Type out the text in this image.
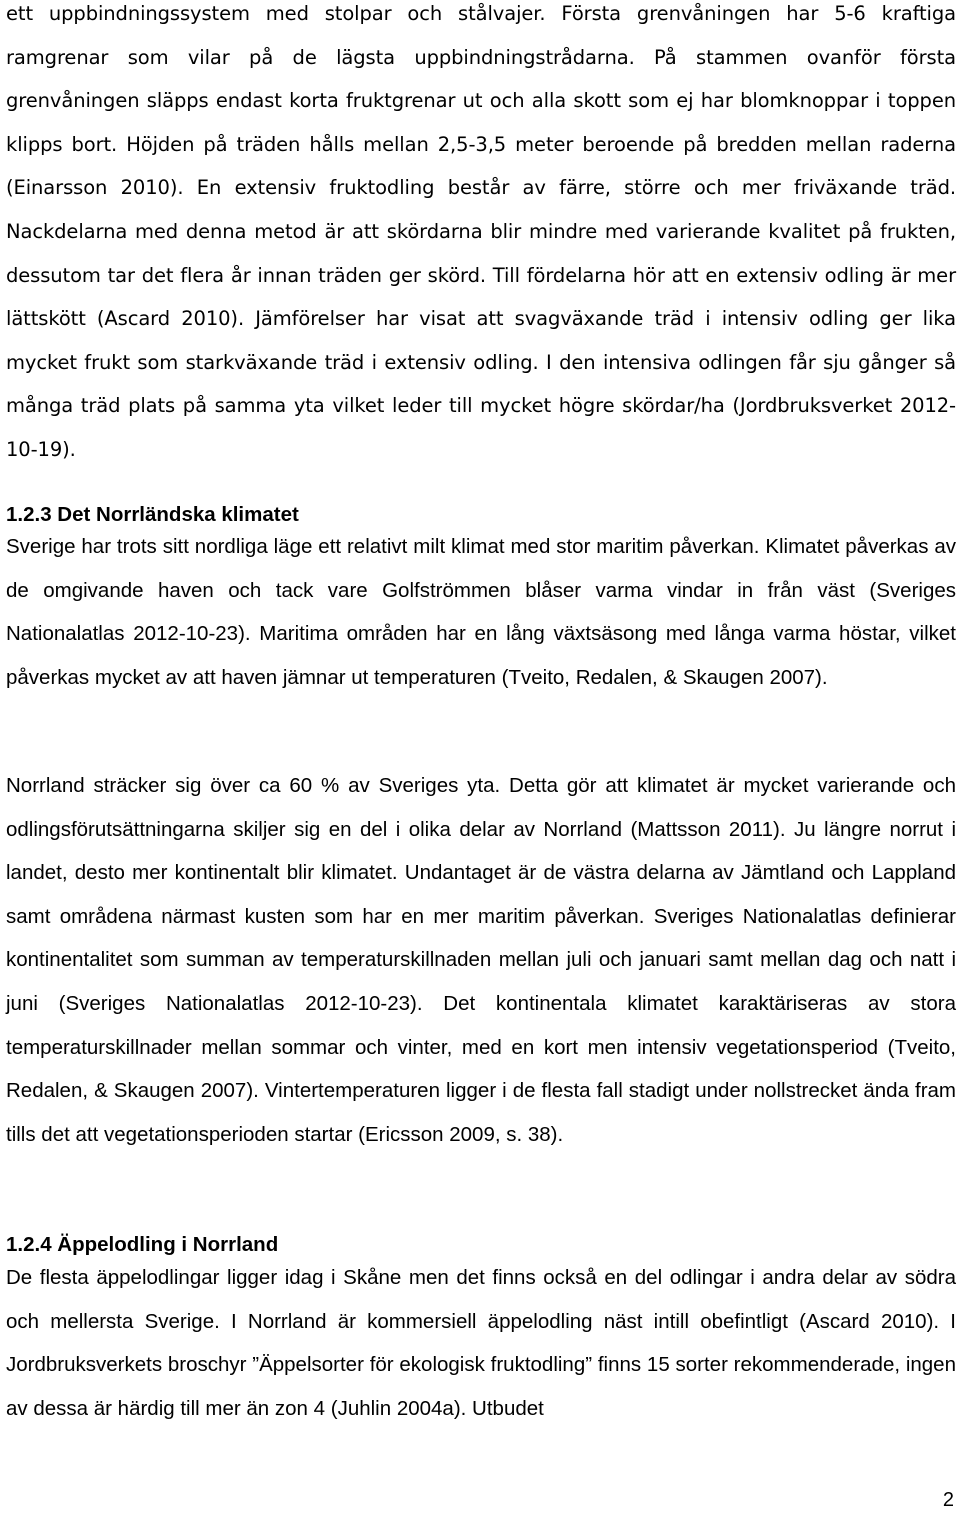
ett uppbindningssystem med stolpar och stålvajer. Första grenvåningen har 5-6 kraftiga ramgrenar som vilar på de lägsta uppbindningstrådarna. På stammen ovanför första grenvåningen släpps endast korta fruktgrenar ut och alla skott som ej har blomknoppar i toppen klipps bort. Höjden på träden hålls mellan 2,5-3,5 meter beroende på bredden mellan raderna (Einarsson 2010). En extensiv fruktodling består av färre, större och mer friväxande träd. Nackdelarna med denna metod är att skördarna blir mindre med varierande kvalitet på frukten, dessutom tar det flera år innan träden ger skörd. Till fördelarna hör att en extensiv odling är mer lättskött (Ascard 2010). Jämförelser har visat att svagväxande träd i intensiv odling ger lika mycket frukt som starkväxande träd i extensiv odling. I den intensiva odlingen får sju gånger så många träd plats på samma yta vilket leder till mycket högre skördar/ha (Jordbruksverket 2012-10-19).

1.2.3 Det Norrländska klimatet

Sverige har trots sitt nordliga läge ett relativt milt klimat med stor maritim påverkan. Klimatet påverkas av de omgivande haven och tack vare Golfströmmen blåser varma vindar in från väst (Sveriges Nationalatlas 2012-10-23). Maritima områden har en lång växtsäsong med långa varma höstar, vilket påverkas mycket av att haven jämnar ut temperaturen (Tveito, Redalen, & Skaugen 2007).

Norrland sträcker sig över ca 60 % av Sveriges yta. Detta gör att klimatet är mycket varierande och odlingsförutsättningarna skiljer sig en del i olika delar av Norrland (Mattsson 2011). Ju längre norrut i landet, desto mer kontinentalt blir klimatet. Undantaget är de västra delarna av Jämtland och Lappland samt områdena närmast kusten som har en mer maritim påverkan. Sveriges Nationalatlas definierar kontinentalitet som summan av temperaturskillnaden mellan juli och januari samt mellan dag och natt i juni (Sveriges Nationalatlas 2012-10-23). Det kontinentala klimatet karaktäriseras av stora temperaturskillnader mellan sommar och vinter, med en kort men intensiv vegetationsperiod (Tveito, Redalen, & Skaugen 2007). Vintertemperaturen ligger i de flesta fall stadigt under nollstrecket ända fram tills det att vegetationsperioden startar (Ericsson 2009, s. 38).

1.2.4 Äppelodling i Norrland

De flesta äppelodlingar ligger idag i Skåne men det finns också en del odlingar i andra delar av södra och mellersta Sverige. I Norrland är kommersiell äppelodling näst intill obefintligt (Ascard 2010). I Jordbruksverkets broschyr ”Äppelsorter för ekologisk fruktodling” finns 15 sorter rekommenderade, ingen av dessa är härdig till mer än zon 4 (Juhlin 2004a). Utbudet

2
